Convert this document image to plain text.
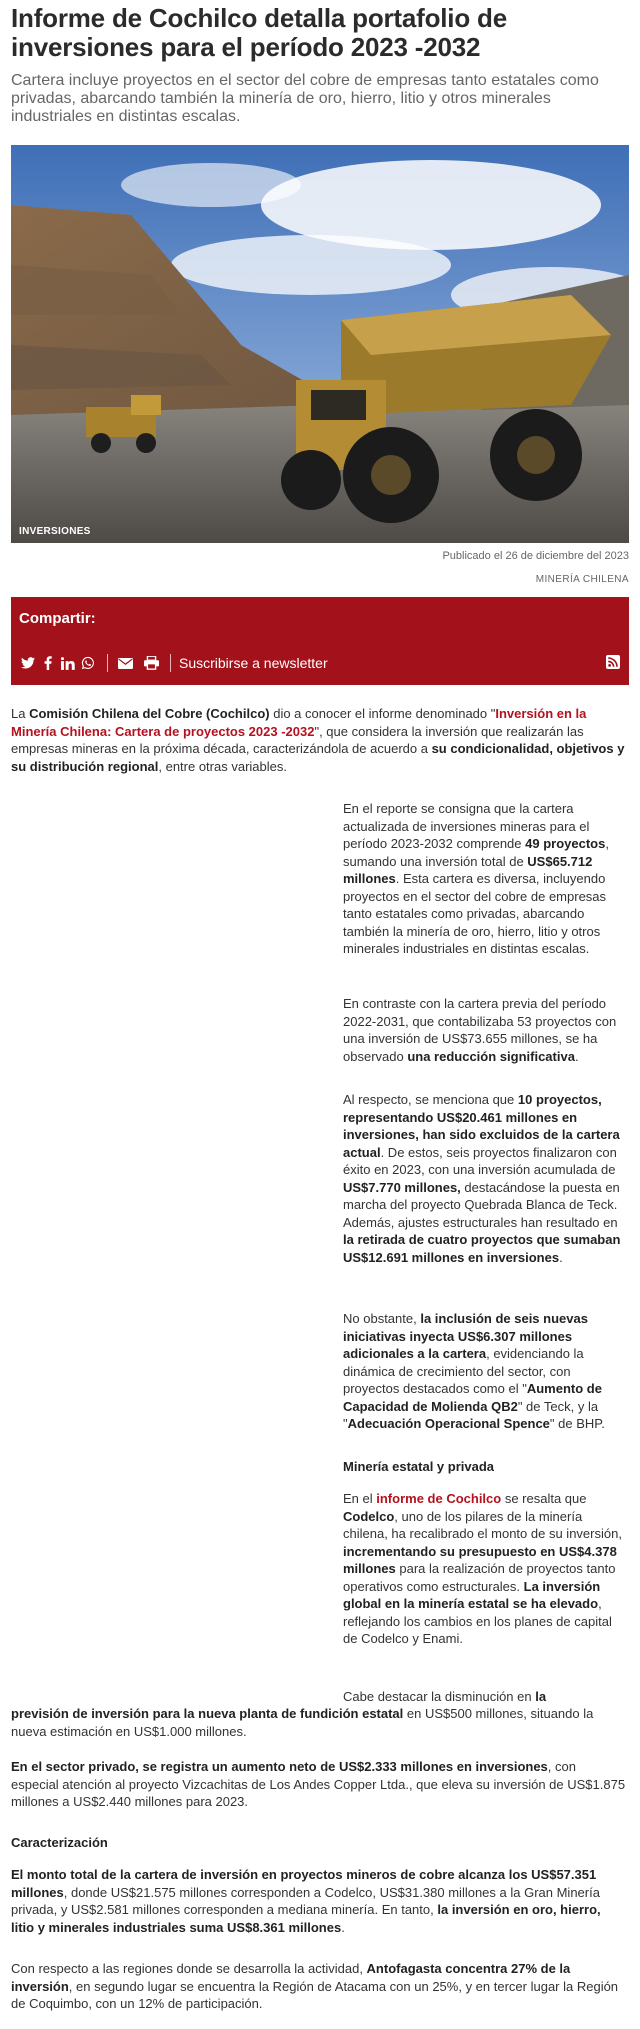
Informe de Cochilco detalla portafolio de inversiones para el período 2023 -2032

Cartera incluye proyectos en el sector del cobre de empresas tanto estatales como privadas, abarcando también la minería de oro, hierro, litio y otros minerales industriales en distintas escalas.

INVERSIONES
Publicado el 26 de diciembre del 2023
MINERÍA CHILENA
Compartir:
Suscribirse a newsletter

La Comisión Chilena del Cobre (Cochilco) dio a conocer el informe denominado "Inversión en la Minería Chilena: Cartera de proyectos 2023 -2032", que considera la inversión que realizarán las empresas mineras en la próxima década, caracterizándola de acuerdo a su condicionalidad, objetivos y su distribución regional, entre otras variables.

En el reporte se consigna que la cartera actualizada de inversiones mineras para el período 2023-2032 comprende 49 proyectos, sumando una inversión total de US$65.712 millones. Esta cartera es diversa, incluyendo proyectos en el sector del cobre de empresas tanto estatales como privadas, abarcando también la minería de oro, hierro, litio y otros minerales industriales en distintas escalas.

En contraste con la cartera previa del período 2022-2031, que contabilizaba 53 proyectos con una inversión de US$73.655 millones, se ha observado una reducción significativa.

Al respecto, se menciona que 10 proyectos, representando US$20.461 millones en inversiones, han sido excluidos de la cartera actual. De estos, seis proyectos finalizaron con éxito en 2023, con una inversión acumulada de US$7.770 millones, destacándose la puesta en marcha del proyecto Quebrada Blanca de Teck. Además, ajustes estructurales han resultado en la retirada de cuatro proyectos que sumaban US$12.691 millones en inversiones.

No obstante, la inclusión de seis nuevas iniciativas inyecta US$6.307 millones adicionales a la cartera, evidenciando la dinámica de crecimiento del sector, con proyectos destacados como el "Aumento de Capacidad de Molienda QB2" de Teck, y la "Adecuación Operacional Spence" de BHP.

Minería estatal y privada

En el informe de Cochilco se resalta que Codelco, uno de los pilares de la minería chilena, ha recalibrado el monto de su inversión, incrementando su presupuesto en US$4.378 millones para la realización de proyectos tanto operativos como estructurales. La inversión global en la minería estatal se ha elevado, reflejando los cambios en los planes de capital de Codelco y Enami.

Cabe destacar la disminución en la

previsión de inversión para la nueva planta de fundición estatal en US$500 millones, situando la nueva estimación en US$1.000 millones.

En el sector privado, se registra un aumento neto de US$2.333 millones en inversiones, con especial atención al proyecto Vizcachitas de Los Andes Copper Ltda., que eleva su inversión de US$1.875 millones a US$2.440 millones para 2023.

Caracterización

El monto total de la cartera de inversión en proyectos mineros de cobre alcanza los US$57.351 millones, donde US$21.575 millones corresponden a Codelco, US$31.380 millones a la Gran Minería privada, y US$2.581 millones corresponden a mediana minería. En tanto, la inversión en oro, hierro, litio y minerales industriales suma US$8.361 millones.

Con respecto a las regiones donde se desarrolla la actividad, Antofagasta concentra 27% de la inversión, en segundo lugar se encuentra la Región de Atacama con un 25%, y en tercer lugar la Región de Coquimbo, con un 12% de participación.
